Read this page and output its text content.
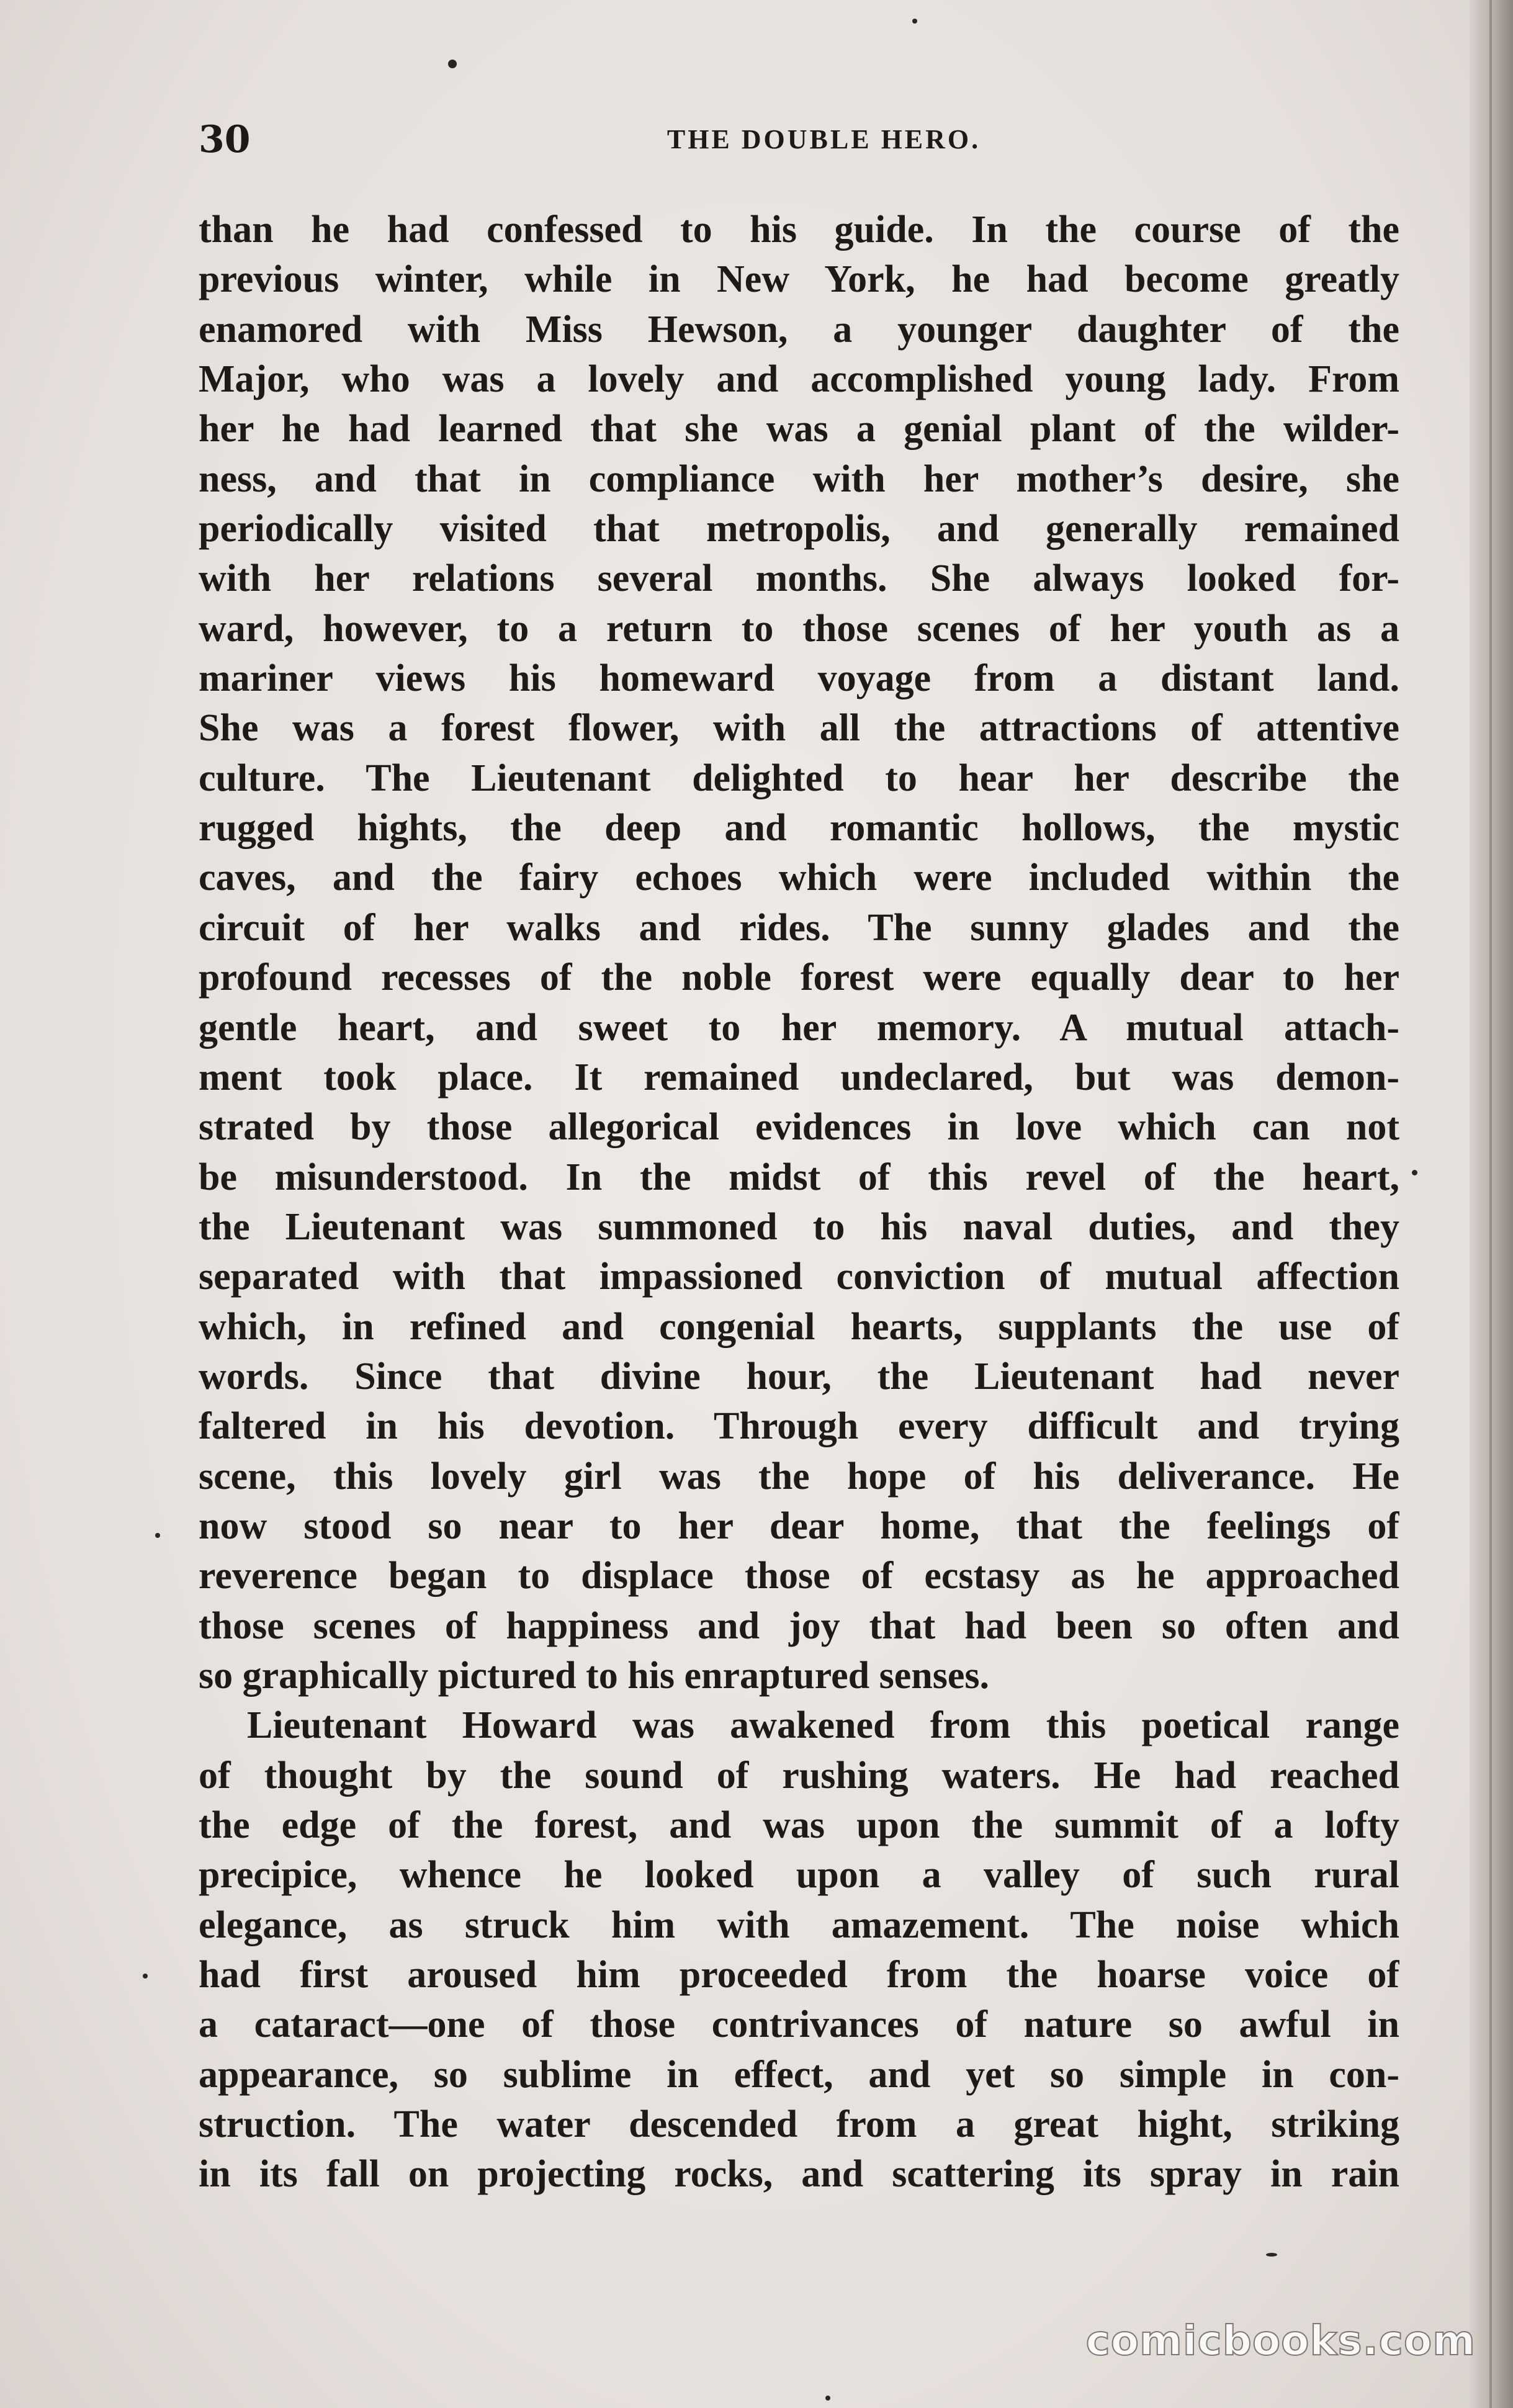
30	THE DOUBLE HERO.
than he had confessed to his guide. In the course of the
previous winter, while in New York, he had become greatly
enamored with Miss Hewson, a younger daughter of the
Major, who was a lovely and accomplished young lady. From
her he had learned that she was a genial plant of the wilder-
ness, and that in compliance with her mother’s desire, she
periodically visited that metropolis, and generally remained
with her relations several months. She always looked for-
ward, however, to a return to those scenes of her youth as a
mariner views his homeward voyage from a distant land.
She was a forest flower, with all the attractions of attentive
culture. The Lieutenant delighted to hear her describe the
rugged hights, the deep and romantic hollows, the mystic
caves, and the fairy echoes which were included within the
circuit of her walks and rides. The sunny glades and the
profound recesses of the noble forest were equally dear to her
gentle heart, and sweet to her memory. A mutual attach-
ment took place. It remained undeclared, but was demon-
strated by those allegorical evidences in love which can not
be misunderstood. In the midst of this revel of the heart,
the Lieutenant was summoned to his naval duties, and they
separated with that impassioned conviction of mutual affection
which, in refined and congenial hearts, supplants the use of
words. Since that divine hour, the Lieutenant had never
faltered in his devotion. Through every difficult and trying
scene, this lovely girl was the hope of his deliverance. He
now stood so near to her dear home, that the feelings of
reverence began to displace those of ecstasy as he approached
those scenes of happiness and joy that had been so often and
so graphically pictured to his enraptured senses.
Lieutenant Howard was awakened from this poetical range
of thought by the sound of rushing waters. He had reached
the edge of the forest, and was upon the summit of a lofty
precipice, whence he looked upon a valley of such rural
elegance, as struck him with amazement. The noise which
had first aroused him proceeded from the hoarse voice of
a cataract—one of those contrivances of nature so awful in
appearance, so sublime in effect, and yet so simple in con-
struction. The water descended from a great hight, striking
in its fall on projecting rocks, and scattering its spray in rain
comicbooks.com
